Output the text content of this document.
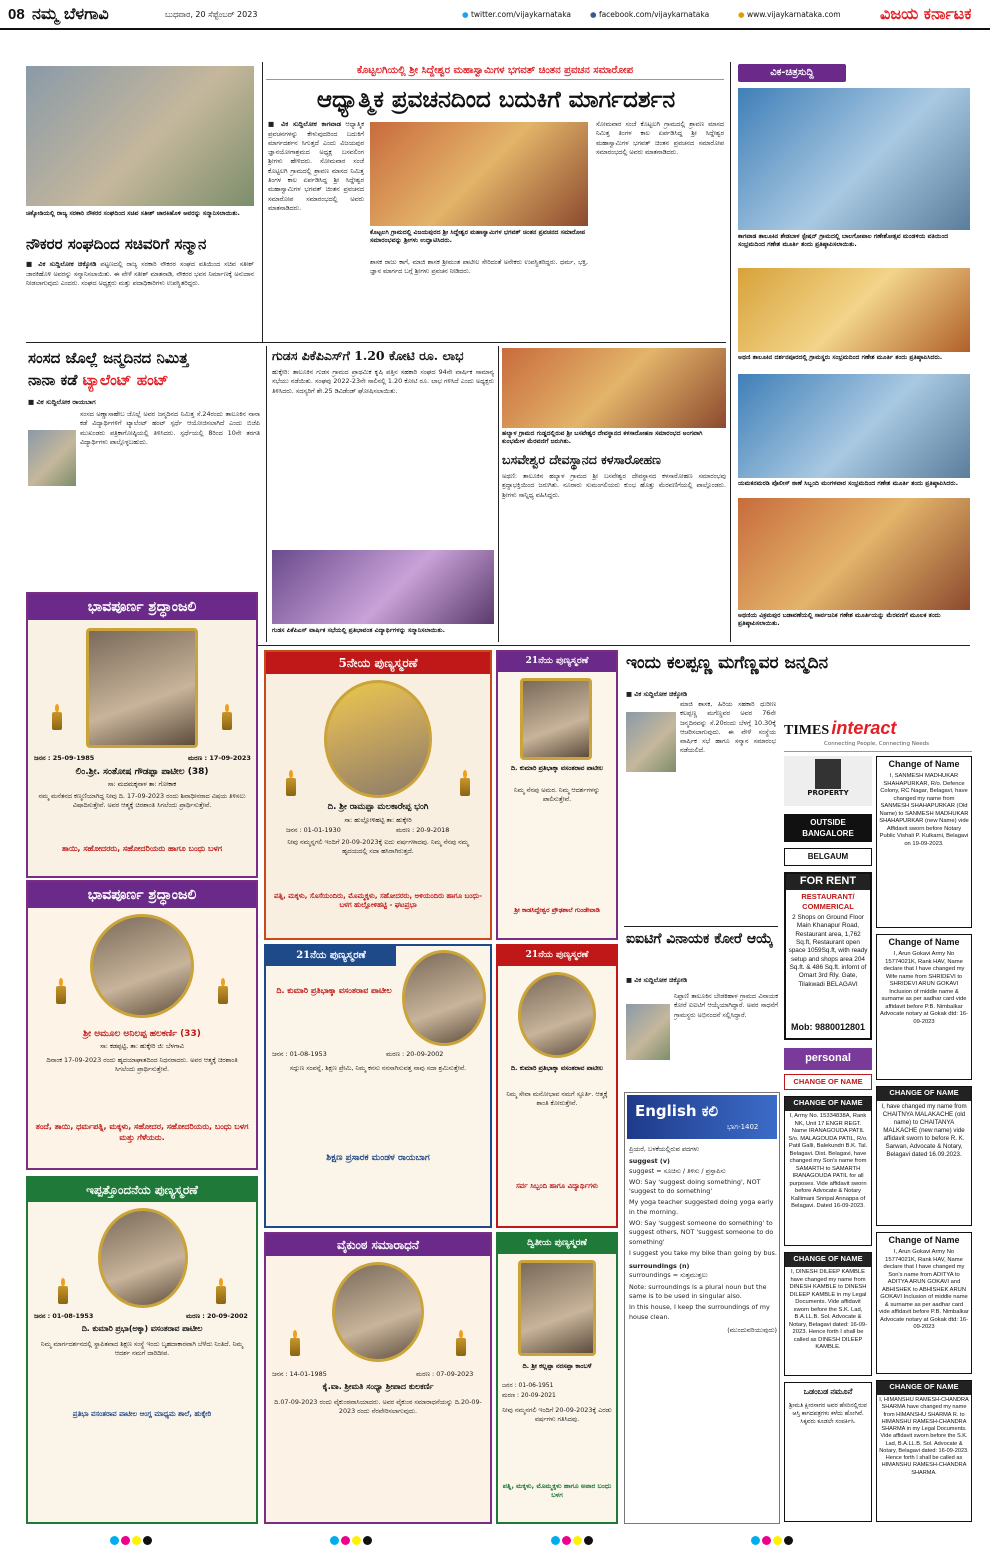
08 ನಮ್ಮ ಬೆಳಗಾವಿ	ಬುಧವಾರ, 20 ಸೆಪ್ಟೆಂಬರ್ 2023	● twitter.com/vijaykarnataka	● facebook.com/vijaykarnataka	● www.vijaykarnataka.com ವಿಜಯ ಕರ್ನಾಟಕ
ಚಿಕ್ಕೋಡಿಯಲ್ಲಿ ರಾಜ್ಯ ಸರಕಾರಿ ನೌಕರರ ಸಂಘದಿಂದ ಸಚಿವ ಸತೀಶ್ ಜಾರಕಿಹೊಳಿ ಅವರನ್ನು ಸನ್ಮಾನಿಸಲಾಯಿತು.
ನೌಕರರ ಸಂಘದಿಂದ ಸಚಿವರಿಗೆ ಸನ್ಮಾನ
■ ವಿಕ ಸುದ್ದಿಲೋಕ ಚಿಕ್ಕೋಡಿ ಪಟ್ಟಣದಲ್ಲಿ ರಾಜ್ಯ ಸರಕಾರಿ ನೌಕರರ ಸಂಘದ ವತಿಯಿಂದ ಸಚಿವ ಸತೀಶ್ ಜಾರಕಿಹೊಳಿ ಅವರನ್ನು ಸನ್ಮಾನಿಸಲಾಯಿತು. ಈ ವೇಳೆ ಸತೀಶ್ ಮಾತನಾಡಿ, ನೌಕರರ ಭವನ ನಿರ್ಮಾಣಕ್ಕೆ ಅನುದಾನ ನೀಡಲಾಗುವುದು ಎಂದರು. ಸಂಘದ ಅಧ್ಯಕ್ಷರು ಮತ್ತು ಪದಾಧಿಕಾರಿಗಳು ಉಪಸ್ಥಿತರಿದ್ದರು.
ಕೊಟ್ಟಲಗಿಯಲ್ಲಿ ಶ್ರೀ ಸಿದ್ದೇಶ್ವರ ಮಹಾಸ್ವಾಮಿಗಳ ಭಗವತ್ ಚಿಂತನ ಪ್ರವಚನ ಸಮಾರೋಪ
ಆಧ್ಯಾತ್ಮಿಕ ಪ್ರವಚನದಿಂದ ಬದುಕಿಗೆ ಮಾರ್ಗದರ್ಶನ
■ ವಿಕ ಸುದ್ದಿಲೋಕ ಕಾಗವಾಡ ಆಧ್ಯಾತ್ಮಿಕ ಪ್ರವಚನಗಳನ್ನು ಕೇಳುವುದರಿಂದ ಬದುಕಿಗೆ ಮಾರ್ಗದರ್ಶನ ಸಿಗುತ್ತದೆ ಎಂದು ವಿಜಯಪುರ ಜ್ಞಾನಯೋಗಾಶ್ರಮದ ಅಧ್ಯಕ್ಷ ಬಸವಲಿಂಗ ಶ್ರೀಗಳು ಹೇಳಿದರು. ಸೋಮವಾರ ಸಂಜೆ ಕೊಟ್ಟಲಗಿ ಗ್ರಾಮದಲ್ಲಿ ಶ್ರಾವಣ ಮಾಸದ ನಿಮಿತ್ತ ತಿಂಗಳ ಕಾಲ ಏರ್ಪಡಿಸಿದ್ದ ಶ್ರೀ ಸಿದ್ದೇಶ್ವರ ಮಹಾಸ್ವಾಮಿಗಳ ಭಗವತ್ ಚಿಂತನ ಪ್ರವಚನದ ಸಮಾರೋಪ ಸಮಾರಂಭದಲ್ಲಿ ಅವರು ಮಾತನಾಡಿದರು.
ಕೊಟ್ಟಲಗಿ ಗ್ರಾಮದಲ್ಲಿ ವಿಜಯಪುರದ ಶ್ರೀ ಸಿದ್ದೇಶ್ವರ ಮಹಾಸ್ವಾಮಿಗಳ ಭಗವತ್ ಚಿಂತನ ಪ್ರವಚನದ ಸಮಾರೋಪ ಸಮಾರಂಭವನ್ನು ಶ್ರೀಗಳು ಉದ್ಘಾಟಿಸಿದರು.
ಶಾಸಕ ರಾಜು ಕಾಗೆ, ಮಾಜಿ ಶಾಸಕ ಶ್ರೀಮಂತ ಪಾಟೀಲ ಸೇರಿದಂತೆ ಅನೇಕರು ಉಪಸ್ಥಿತರಿದ್ದರು. ಧರ್ಮ, ಭಕ್ತಿ, ಜ್ಞಾನ ಮಾರ್ಗದ ಬಗ್ಗೆ ಶ್ರೀಗಳು ಪ್ರವಚನ ನೀಡಿದರು.
ಸೋಮವಾರ ಸಂಜೆ ಕೊಟ್ಟಲಗಿ ಗ್ರಾಮದಲ್ಲಿ ಶ್ರಾವಣ ಮಾಸದ ನಿಮಿತ್ತ ತಿಂಗಳ ಕಾಲ ಏರ್ಪಡಿಸಿದ್ದ ಶ್ರೀ ಸಿದ್ದೇಶ್ವರ ಮಹಾಸ್ವಾಮಿಗಳ ಭಗವತ್ ಚಿಂತನ ಪ್ರವಚನದ ಸಮಾರೋಪ ಸಮಾರಂಭದಲ್ಲಿ ಅವರು ಮಾತನಾಡಿದರು.
ವಿಕ-ಚಿತ್ರಸುದ್ದಿ
ಕಾಗವಾಡ ತಾಲೂಕಿನ ಶೇಡಬಾಳ ಸ್ಟೇಷನ್ ಗ್ರಾಮದಲ್ಲಿ ಬಾಲಗೋಪಾಲ ಗಣೇಶೋತ್ಸವ ಮಂಡಳಿಯ ವತಿಯಿಂದ ಸಂಭ್ರಮದಿಂದ ಗಣೇಶ ಮೂರ್ತಿ ತಂದು ಪ್ರತಿಷ್ಠಾಪಿಸಲಾಯಿತು.
ಅಥಣಿ ತಾಲೂಕಿನ ದರ್ಶನಪೂರದಲ್ಲಿ ಗ್ರಾಮಸ್ಥರು ಸಂಭ್ರಮದಿಂದ ಗಣೇಶ ಮೂರ್ತಿ ತಂದು ಪ್ರತಿಷ್ಠಾಪಿಸಿದರು.
ಯಮಕನಮರಡಿ ಪೊಲೀಸ್ ಠಾಣೆ ಸಿಬ್ಬಂದಿ ಮಂಗಳವಾರ ಸಂಭ್ರಮದಿಂದ ಗಣೇಶ ಮೂರ್ತಿ ತಂದು ಪ್ರತಿಷ್ಠಾಪಿಸಿದರು.
ಅಥಣಿಯ ವಿಕ್ರಮಪುರ ಬಡಾವಣೆಯಲ್ಲಿ ಸಾರ್ವಜನಿಕ ಗಣೇಶ ಮೂರ್ತಿಯನ್ನು ಮೆರವಣಿಗೆ ಮೂಲಕ ತಂದು ಪ್ರತಿಷ್ಠಾಪಿಸಲಾಯಿತು.
ಸಂಸದ ಜೊಲ್ಲೆ ಜನ್ಮದಿನದ ನಿಮಿತ್ತ
ನಾನಾ ಕಡೆ ಟ್ಯಾಲೆಂಟ್ ಹಂಟ್
■ ವಿಕ ಸುದ್ದಿಲೋಕ ರಾಯಬಾಗ
ಸಂಸದ ಅಣ್ಣಾಸಾಹೇಬ ಜೊಲ್ಲೆ ಅವರ ಜನ್ಮದಿನದ ನಿಮಿತ್ತ ಸೆ.24ರಂದು ತಾಲೂಕಿನ ನಾನಾ ಕಡೆ ವಿದ್ಯಾರ್ಥಿಗಳಿಗೆ ಟ್ಯಾಲೆಂಟ್ ಹಂಟ್ ಸ್ಪರ್ಧೆ ಆಯೋಜಿಸಲಾಗಿದೆ ಎಂದು ಬಿಜೆಪಿ ಮುಖಂಡರು ಪತ್ರಿಕಾಗೋಷ್ಠಿಯಲ್ಲಿ ತಿಳಿಸಿದರು. ಸ್ಪರ್ಧೆಯಲ್ಲಿ 8ರಿಂದ 10ನೇ ತರಗತಿ ವಿದ್ಯಾರ್ಥಿಗಳು ಪಾಲ್ಗೊಳ್ಳಬಹುದು.
ಗುಡಸ ಪಿಕೆಪಿಎಸ್‌ಗೆ 1.20 ಕೋಟಿ ರೂ. ಲಾಭ
ಹುಕ್ಕೇರಿ: ತಾಲೂಕಿನ ಗುಡಸ ಗ್ರಾಮದ ಪ್ರಾಥಮಿಕ ಕೃಷಿ ಪತ್ತಿನ ಸಹಕಾರಿ ಸಂಘದ 94ನೇ ವಾರ್ಷಿಕ ಸಾಮಾನ್ಯ ಸಭೆಯು ನಡೆಯಿತು. ಸಂಘವು 2022-23ನೇ ಸಾಲಿನಲ್ಲಿ 1.20 ಕೋಟಿ ರೂ. ಲಾಭ ಗಳಿಸಿದೆ ಎಂದು ಅಧ್ಯಕ್ಷರು ತಿಳಿಸಿದರು. ಸದಸ್ಯರಿಗೆ ಶೇ.25 ಡಿವಿಡೆಂಡ್ ಘೋಷಿಸಲಾಯಿತು.
ಗುಡಸ ಪಿಕೆಪಿಎಸ್ ವಾರ್ಷಿಕ ಸಭೆಯಲ್ಲಿ ಪ್ರತಿಭಾವಂತ ವಿದ್ಯಾರ್ಥಿಗಳನ್ನು ಸನ್ಮಾನಿಸಲಾಯಿತು.
ಹಲ್ಯಾಳ ಗ್ರಾಮದ ಗುಡ್ಡದಲ್ಲಿರುವ ಶ್ರೀ ಬಸವೇಶ್ವರ ದೇವಸ್ಥಾನದ ಕಳಸಾರೋಹಣ ಸಮಾರಂಭದ ಅಂಗವಾಗಿ ಕುಂಭಮೇಳ ಮೆರವಣಿಗೆ ಜರುಗಿತು.
ಬಸವೇಶ್ವರ ದೇವಸ್ಥಾನದ ಕಳಸಾರೋಹಣ
ಅಥಣಿ: ತಾಲೂಕಿನ ಹಲ್ಯಾಳ ಗ್ರಾಮದ ಶ್ರೀ ಬಸವೇಶ್ವರ ದೇವಸ್ಥಾನದ ಕಳಸಾರೋಹಣ ಸಮಾರಂಭವು ಶ್ರದ್ಧಾಭಕ್ತಿಯಿಂದ ಜರುಗಿತು. ನೂರಾರು ಸುಮಂಗಲಿಯರು ಕುಂಭ ಹೊತ್ತು ಮೆರವಣಿಗೆಯಲ್ಲಿ ಪಾಲ್ಗೊಂಡರು. ಶ್ರೀಗಳು ಸಾನ್ನಿಧ್ಯ ವಹಿಸಿದ್ದರು.
ಭಾವಪೂರ್ಣ ಶ್ರದ್ಧಾಂಜಲಿ
ಜನನ : 25-09-1985	ಮರಣ : 17-09-2023
ಲಿಂ.ಶ್ರೀ. ಸಂತೋಷ ಗೌಡಪ್ಪಾ ಪಾಟೀಲ (38)
ಸಾ: ಮದಮಕ್ಕನಾಳ ತಾ: ಗೋಕಾಕ
ನಮ್ಮ ಮನೆತನದ ಕಣ್ಮಣಿಯಾಗಿದ್ದ ನೀವು ದಿ. 17-09-2023 ರಂದು ಶಿವಾಧೀನರಾದ ವಿಷಯ ತಿಳಿಸಲು ವಿಷಾದಿಸುತ್ತೇವೆ. ಅವರ ಆತ್ಮಕ್ಕೆ ಚಿರಶಾಂತಿ ಸಿಗಲೆಂದು ಪ್ರಾರ್ಥಿಸುತ್ತೇವೆ.
ತಾಯಿ, ಸಹೋದರರು, ಸಹೋದರಿಯರು ಹಾಗೂ ಬಂಧು ಬಳಗ
ಭಾವಪೂರ್ಣ ಶ್ರದ್ಧಾಂಜಲಿ
ಶ್ರೀ ಅಮೂಲ ಅನಿಲಪ್ಪ ಹಲಕರ್ಣಿ (33)
ಸಾ: ಕಡಪ್ಪಟ್ಟಿ, ತಾ: ಹುಕ್ಕೇರಿ ಜಿ: ಬೆಳಗಾವಿ
ದಿನಾಂಕ 17-09-2023 ರಂದು ಹೃದಯಾಘಾತದಿಂದ ನಿಧನರಾದರು. ಅವರ ಆತ್ಮಕ್ಕೆ ಚಿರಶಾಂತಿ ಸಿಗಲೆಂದು ಪ್ರಾರ್ಥಿಸುತ್ತೇವೆ.
ತಂದೆ, ತಾಯಿ, ಧರ್ಮಪತ್ನಿ, ಮಕ್ಕಳು, ಸಹೋದರ, ಸಹೋದರಿಯರು, ಬಂಧು ಬಳಗ ಮತ್ತು ಗೆಳೆಯರು.
ಇಪ್ಪತ್ತೊಂದನೆಯ ಪುಣ್ಯಸ್ಮರಣೆ
ಜನನ : 01-08-1953	ಮರಣ : 20-09-2002
ದಿ. ಕುಮಾರಿ ಪ್ರಭಾ(ಅಕ್ಕಾ) ವಸಂತರಾವ ಪಾಟೀಲ
ನಿಮ್ಮ ಮಾರ್ಗದರ್ಶನದಲ್ಲಿ ಸ್ಥಾಪಿತವಾದ ಶಿಕ್ಷಣ ಸಂಸ್ಥೆ ಇಂದು ಬೃಹದಾಕಾರವಾಗಿ ಬೆಳೆದು ನಿಂತಿದೆ. ನಿಮ್ಮ ಆದರ್ಶ ನಮಗೆ ದಾರಿದೀಪ.
ಪ್ರತಿಭಾ ವಸಂತರಾವ ಪಾಟೀಲ ಆಂಗ್ಲ ಮಾಧ್ಯಮ ಶಾಲೆ, ಹುಕ್ಕೇರಿ
5ನೇಯ ಪುಣ್ಯಸ್ಮರಣೆ
ದಿ. ಶ್ರೀ ರಾಮಪ್ಪಾ ಮಲಕಾರೇಪ್ಪ ಭಂಗಿ
ಸಾ: ಹುಲ್ಲೋಳಿಹಟ್ಟಿ ತಾ: ಹುಕ್ಕೇರಿ
ಜನನ : 01-01-1930	ಮರಣ : 20-9-2018
ನೀವು ನಮ್ಮನ್ನಗಲಿ ಇಂದಿಗೆ 20-09-2023ಕ್ಕೆ ಐದು ವರ್ಷಗಳಾದವು. ನಿಮ್ಮ ನೆನಪು ನಮ್ಮ ಹೃದಯದಲ್ಲಿ ಸದಾ ಹಸಿರಾಗಿರುತ್ತದೆ.
ಪತ್ನಿ, ಮಕ್ಕಳು, ಸೊಸೆಯಂದಿರು, ಮೊಮ್ಮಕ್ಕಳು, ಸಹೋದರರು, ಅಳಿಯಂದಿರು ಹಾಗೂ ಬಂಧು-ಬಳಗ ಹುಲ್ಲೋಳಿಹಟ್ಟಿ - ಘಟಪ್ರಭಾ
21ನೆಯ ಪುಣ್ಯಸ್ಮರಣೆ
ದಿ. ಕುಮಾರಿ ಪ್ರತಿಭಾಕ್ಕಾ ವಸಂತರಾವ ಪಾಟೀಲ
ನಿಮ್ಮ ನೆನಪು ಅಮರ. ನಿಮ್ಮ ಆದರ್ಶಗಳನ್ನು ಪಾಲಿಸುತ್ತೇವೆ.
ಶ್ರೀ ಕಾಡಸಿದ್ದೇಶ್ವರ ಪ್ರೌಢಶಾಲೆ ಗುಂಡೇವಾಡಿ
21ನೆಯ ಪುಣ್ಯಸ್ಮರಣೆ
ದಿ. ಕುಮಾರಿ ಪ್ರತಿಭಾಕ್ಕಾ ವಸಂತರಾವ ಪಾಟೀಲ
ಜನನ : 01-08-1953	ಮರಣ : 20-09-2002
ಸದ್ಗುಣ ಸಂಪನ್ನೆ, ಶಿಕ್ಷಣ ಪ್ರೇಮಿ, ನಿಮ್ಮ ಕನಸು ನನಸಾಗಿಸುವತ್ತ ನಾವು ಸದಾ ಶ್ರಮಿಸುತ್ತೇವೆ.
ಶಿಕ್ಷಣ ಪ್ರಸಾರಕ ಮಂಡಳ ರಾಯಬಾಗ
21ನೆಯ ಪುಣ್ಯಸ್ಮರಣೆ
ದಿ. ಕುಮಾರಿ ಪ್ರತಿಭಾಕ್ಕಾ ವಸಂತರಾವ ಪಾಟೀಲ
ನಿಮ್ಮ ಸೇವಾ ಮನೋಭಾವ ನಮಗೆ ಸ್ಫೂರ್ತಿ. ಆತ್ಮಕ್ಕೆ ಶಾಂತಿ ಕೋರುತ್ತೇವೆ.
ಸರ್ವ ಸಿಬ್ಬಂದಿ ಹಾಗೂ ವಿದ್ಯಾರ್ಥಿಗಳು
ವೈಕುಂಠ ಸಮಾರಾಧನೆ
ಜನನ : 14-01-1985	ಮರಣ : 07-09-2023
ಕೈ.ವಾ. ಶ್ರೀಮತಿ ಸಂಧ್ಯಾ ಶ್ರೀಪಾದ ಕುಲಕರ್ಣಿ
ದಿ.07-09-2023 ರಂದು ವೈಕುಂಠವಾಸಿಯಾದರು. ಅವರ ವೈಕುಂಠ ಸಮಾರಾಧನೆಯನ್ನು ದಿ.20-09-2023 ರಂದು ನೆರವೇರಿಸಲಾಗುವುದು.
ದ್ವಿತೀಯ ಪುಣ್ಯಸ್ಮರಣೆ
ದಿ. ಶ್ರೀ ಕಲ್ಲಪ್ಪಾ ನರಸಪ್ಪಾ ಕಾಂಬಳೆ
ಜನನ : 01-06-1951
ಮರಣ : 20-09-2021
ನೀವು ನಮ್ಮನಗಲಿ ಇಂದಿಗೆ 20-09-2023ಕ್ಕೆ ಎರಡು ವರ್ಷಗಳು ಗತಿಸಿದವು.
ಪತ್ನಿ, ಮಕ್ಕಳು, ಮೊಮ್ಮಕ್ಕಳು ಹಾಗೂ ಅಪಾರ ಬಂಧು ಬಳಗ
ಇಂದು ಕಲಪ್ಪಣ್ಣ ಮಗೆಣ್ಣವರ ಜನ್ಮದಿನ
■ ವಿಕ ಸುದ್ದಿಲೋಕ ಚಿಕ್ಕೋಡಿ
ಮಾಜಿ ಶಾಸಕ, ಹಿರಿಯ ಸಹಕಾರಿ ಧುರೀಣ ಕಲಪ್ಪಣ್ಣ ಮಗೆಣ್ಣವರ ಅವರ 76ನೇ ಜನ್ಮದಿನವನ್ನು ಸೆ.20ರಂದು ಬೆಳಗ್ಗೆ 10.30ಕ್ಕೆ ಆಚರಿಸಲಾಗುವುದು. ಈ ವೇಳೆ ಸಂಸ್ಥೆಯ ವಾರ್ಷಿಕ ಸಭೆ ಹಾಗೂ ಸನ್ಮಾನ ಸಮಾರಂಭ ನಡೆಯಲಿದೆ.
ಐಐಟಿಗೆ ವಿನಾಯಕ ಕೋರೆ ಆಯ್ಕೆ
■ ವಿಕ ಸುದ್ದಿಲೋಕ ಚಿಕ್ಕೋಡಿ
ನಿಪ್ಪಾಣಿ ತಾಲೂಕಿನ ಬೇಡಕಿಹಾಳ ಗ್ರಾಮದ ವಿನಾಯಕ ಕೋರೆ ಐಐಟಿಗೆ ಆಯ್ಕೆಯಾಗಿದ್ದಾರೆ. ಅವರ ಸಾಧನೆಗೆ ಗ್ರಾಮಸ್ಥರು ಅಭಿನಂದನೆ ಸಲ್ಲಿಸಿದ್ದಾರೆ.
English ಕಲಿ
ಭಾಗ-1402
ಪ್ರಿಯರೆ, ಬಳಕೆಯಲ್ಲಿರುವ ಪದಗಳು
suggest (v)
suggest = ಸೂಚಿಸು / ತಿಳಿಸು / ಪ್ರಸ್ತಾಪಿಸು
WO: Say 'suggest doing something', NOT 'suggest to do something'
My yoga teacher suggested doing yoga early in the morning.
WO: Say 'suggest someone do something' to suggest others, NOT 'suggest someone to do something'
I suggest you take my bike than going by bus.
surroundings (n)
surroundings = ಸುತ್ತಮುತ್ತಲು
Note: surroundings is a plural noun but the same is to be used in singular also.
In this house, I keep the surroundings of my house clean.
(ಮುಂದುವರಿಯುವುದು)
TIMES interact
Connecting People, Connecting Needs
PROPERTY
OUTSIDE BANGALORE
BELGAUM
FOR RENT
RESTAURANT/ COMMERICAL
2 Shops on Ground Floor Main Khanapur Road, Restaurant area, 1,762 Sq.ft, Restaurant open space 1059Sq.ft, with ready setup and shops area 204 Sq.ft. & 486 Sq.ft. infornt of Omart 3rd Rly. Gate, Tilakwadi BELAGAVI
Mob: 9880012801
personal
CHANGE OF NAME
CHANGE OF NAME
I, Army No. 15334838A, Rank NK, Unit 17 ENGR REGT. Name IRANAGOUDA PATIL S/o. MALAGOUDA PATIL, R/o. Patil Galli, Balekundri B.K. Tal. Belagavi. Dist. Belagavi, have changed my Son's name from SAMARTH to SAMARTH IRANAGOUDA PATIL for all purposes. Vide affidavit sworn before Advocate & Notary Kallimani Snripal Annappa of Belagavi. Dated 16-09-2023.
CHANGE OF NAME
I, DINESH DILEEP KAMBLE have changed my name from DINESH KAMBLE to DINESH DILEEP KAMBLE in my Legal Documents. Vide affidavit sworn before the S.K. Lad, B.A.LL.B. Sol. Advocate & Notary, Belagavi dated: 16-09-2023. Hence forth I shall be called as DINESH DILEEP KAMBLE.
ಒಡಂಬಡ ನಮೂನೆ
ಶ್ರೀಮತಿ ಕ್ಷೀರಸಾಗರ ಅವರ ಹೆಸರಿನಲ್ಲಿರುವ ಆಸ್ತಿ ಕಾಗದಪತ್ರಗಳು ಕಳೆದು ಹೋಗಿವೆ. ಸಿಕ್ಕವರು ಕೂಡಲೇ ಸಂಪರ್ಕಿಸಿ.
Change of Name
I, SANMESH MADHUKAR SHAHAPURKAR, R/o. Defence Colony, RC Nagar, Belagavi, have changed my name from SANMESH SHAHAPURKAR (Old Name) to SANMESH MADHUKAR SHAHAPURKAR (new Name) vide Affidavit sworn before Notary Public Vishali P. Kulkarni, Belagavi on 19-09-2023.
Change of Name
I, Arun Gokavi Army No 15774021K, Rank HAV, Name declare that I have changed my Wife name from SHRIDEVI to SHRIDEVI ARUN GOKAVI Inclusion of middle name & surname as per aadhar card vide affidavit before P.B. Nimbalkar Advocate notary at Gokak dtd: 16-09-2023
CHANGE OF NAME
I, have changed my name from CHAITNYA MALAKACHE (old name) to CHAITANYA MALKACHE (new name) vide affidavit sworn to before R. K. Sarwan, Advocate & Notary, Belagavi dated 16.09.2023.
Change of Name
I, Arun Gokavi Army No 15774021K, Rank HAV, Name declare that I have changed my Son's name from ADITYA to ADITYA ARUN GOKAVI and ABHISHEK to ABHISHEK ARUN GOKAVI Inclusion of middle name & surname as per aadhar card vide affidavit before P.B. Nimbalkar Advocate notary at Gokak dtd: 16-09-2023
CHANGE OF NAME
I, HIMANSHU RAMESH-CHANDRA SHARMA have changed my name from HIMANSHU SHARMA R. to HIMANSHU RAMESH-CHANDRA SHARMA in my Legal Documents. Vide affidavit sworn before the S.K. Lad, B.A.LL.B. Sol. Advocate & Notary, Belagavi dated: 16-09-2023. Hence forth I shall be called as HIMANSHU RAMESH-CHANDRA SHARMA.
